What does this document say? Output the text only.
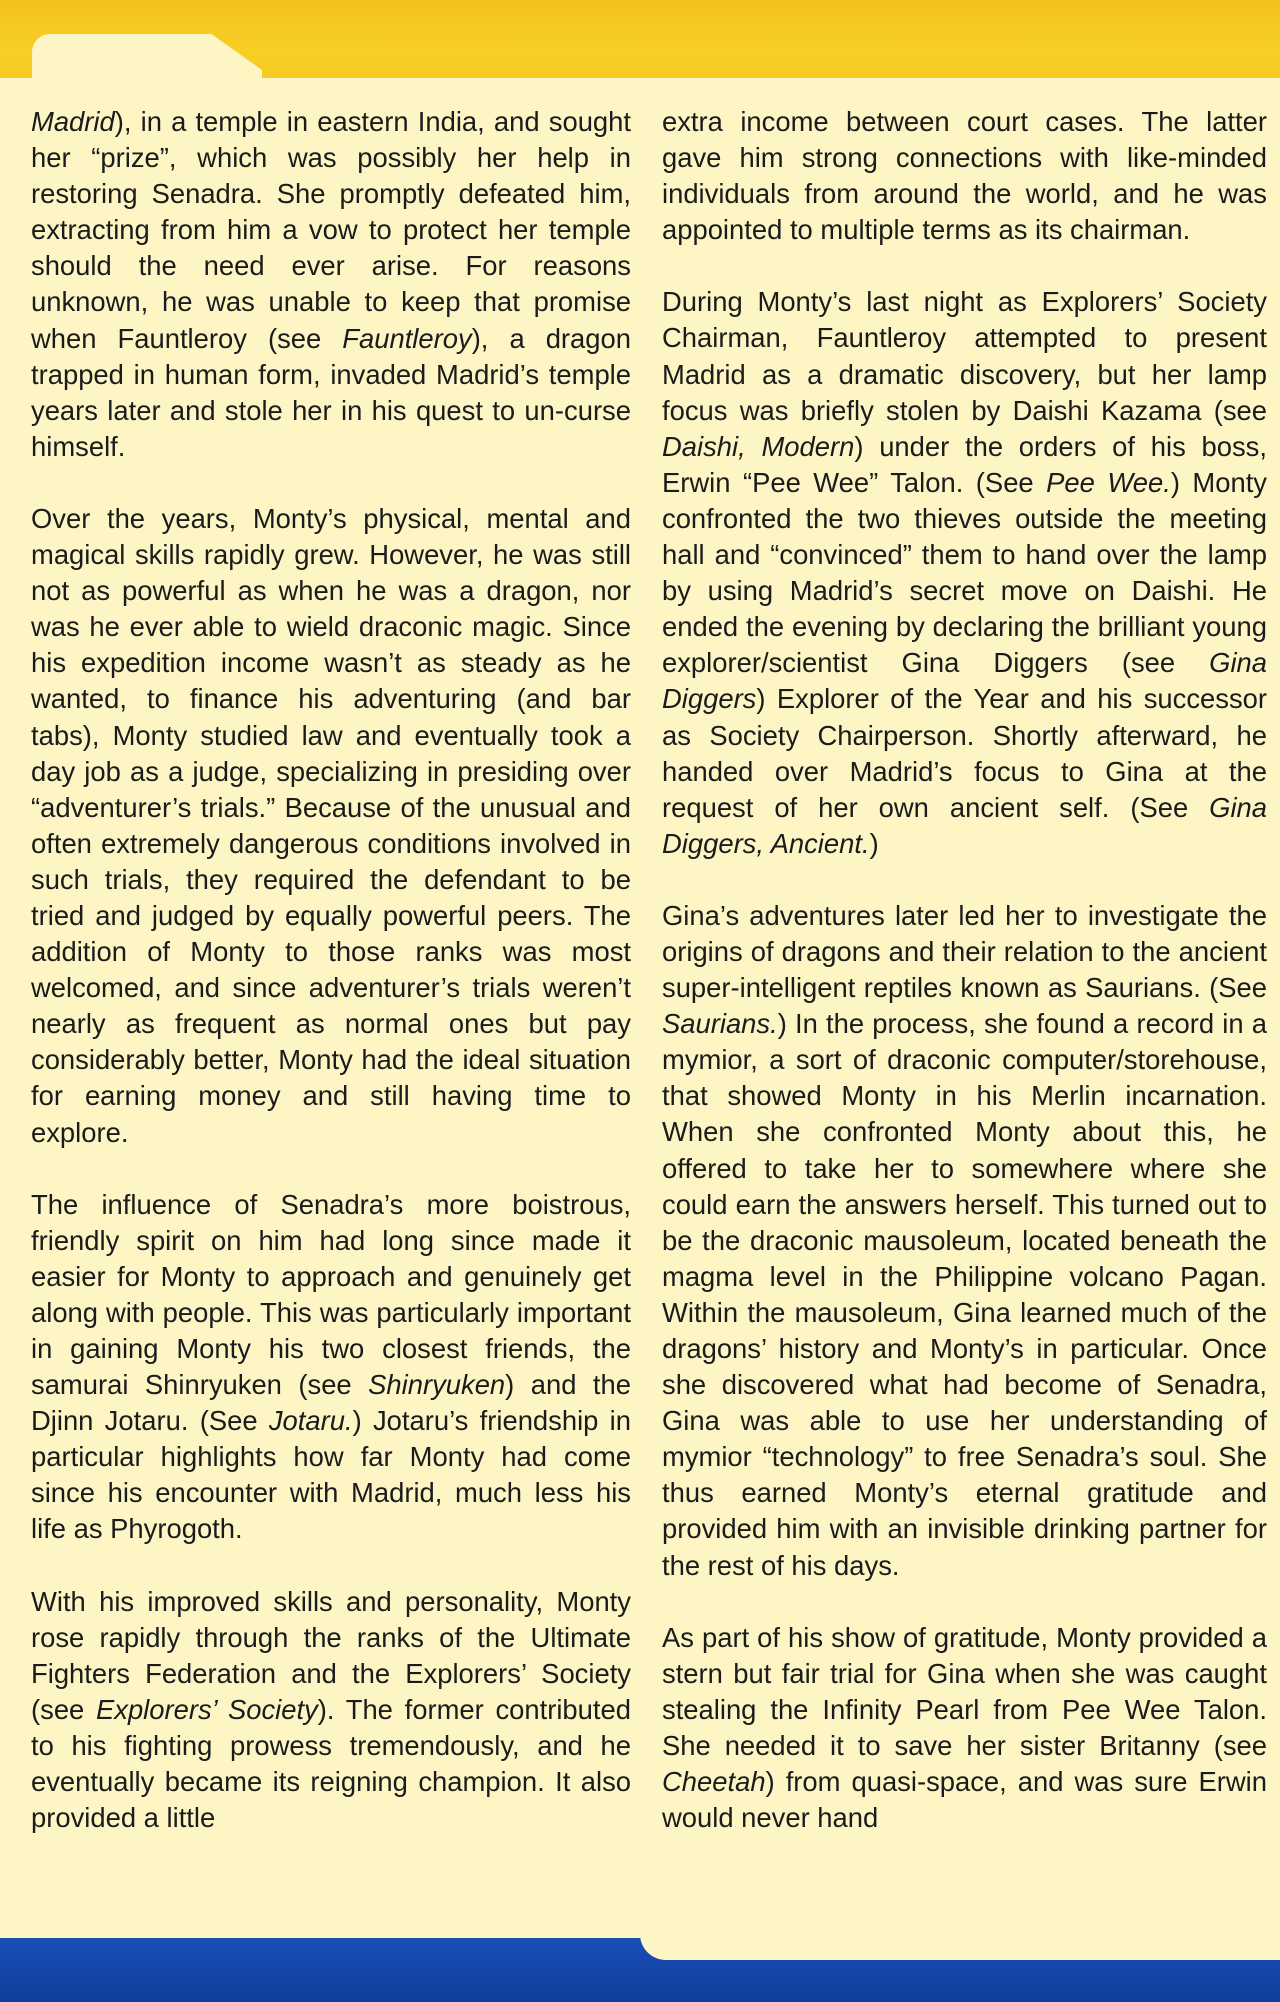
Madrid), in a temple in eastern India, and sought her “prize”, which was possibly her help in restoring Senadra. She promptly defeated him, extracting from him a vow to protect her temple should the need ever arise. For reasons unknown, he was unable to keep that promise when Fauntleroy (see Fauntleroy), a dragon trapped in human form, invaded Madrid’s temple years later and stole her in his quest to un-curse himself.

Over the years, Monty’s physical, mental and magical skills rapidly grew. However, he was still not as powerful as when he was a dragon, nor was he ever able to wield draconic magic. Since his expedition income wasn’t as steady as he wanted, to finance his adventuring (and bar tabs), Monty studied law and eventually took a day job as a judge, specializing in presiding over “adventurer’s trials.” Because of the unusual and often extremely dangerous conditions involved in such trials, they required the defendant to be tried and judged by equally powerful peers. The addition of Monty to those ranks was most welcomed, and since adventurer’s trials weren’t nearly as frequent as normal ones but pay considerably better, Monty had the ideal situation for earning money and still having time to explore.

The influence of Senadra’s more boistrous, friendly spirit on him had long since made it easier for Monty to approach and genuinely get along with people. This was particularly important in gaining Monty his two closest friends, the samurai Shinryuken (see Shinryuken) and the Djinn Jotaru. (See Jotaru.) Jotaru’s friendship in particular highlights how far Monty had come since his encounter with Madrid, much less his life as Phyrogoth.

With his improved skills and personality, Monty rose rapidly through the ranks of the Ultimate Fighters Federation and the Explorers’ Society (see Explorers’ Society). The former contributed to his fighting prowess tremendously, and he eventually became its reigning champion. It also provided a little

extra income between court cases. The latter gave him strong connections with like-minded individuals from around the world, and he was appointed to multiple terms as its chairman.

During Monty’s last night as Explorers’ Society Chairman, Fauntleroy attempted to present Madrid as a dramatic discovery, but her lamp focus was briefly stolen by Daishi Kazama (see Daishi, Modern) under the orders of his boss, Erwin “Pee Wee” Talon. (See Pee Wee.) Monty confronted the two thieves outside the meeting hall and “convinced” them to hand over the lamp by using Madrid’s secret move on Daishi. He ended the evening by declaring the brilliant young explorer/scientist Gina Diggers (see Gina Diggers) Explorer of the Year and his successor as Society Chairperson. Shortly afterward, he handed over Madrid’s focus to Gina at the request of her own ancient self. (See Gina Diggers, Ancient.)

Gina’s adventures later led her to investigate the origins of dragons and their relation to the ancient super-intelligent reptiles known as Saurians. (See Saurians.) In the process, she found a record in a mymior, a sort of draconic computer/storehouse, that showed Monty in his Merlin incarnation. When she confronted Monty about this, he offered to take her to somewhere where she could earn the answers herself. This turned out to be the draconic mausoleum, located beneath the magma level in the Philippine volcano Pagan. Within the mausoleum, Gina learned much of the dragons’ history and Monty’s in particular. Once she discovered what had become of Senadra, Gina was able to use her understanding of mymior “technology” to free Senadra’s soul. She thus earned Monty’s eternal gratitude and provided him with an invisible drinking partner for the rest of his days.

As part of his show of gratitude, Monty provided a stern but fair trial for Gina when she was caught stealing the Infinity Pearl from Pee Wee Talon. She needed it to save her sister Britanny (see Cheetah) from quasi-space, and was sure Erwin would never hand
